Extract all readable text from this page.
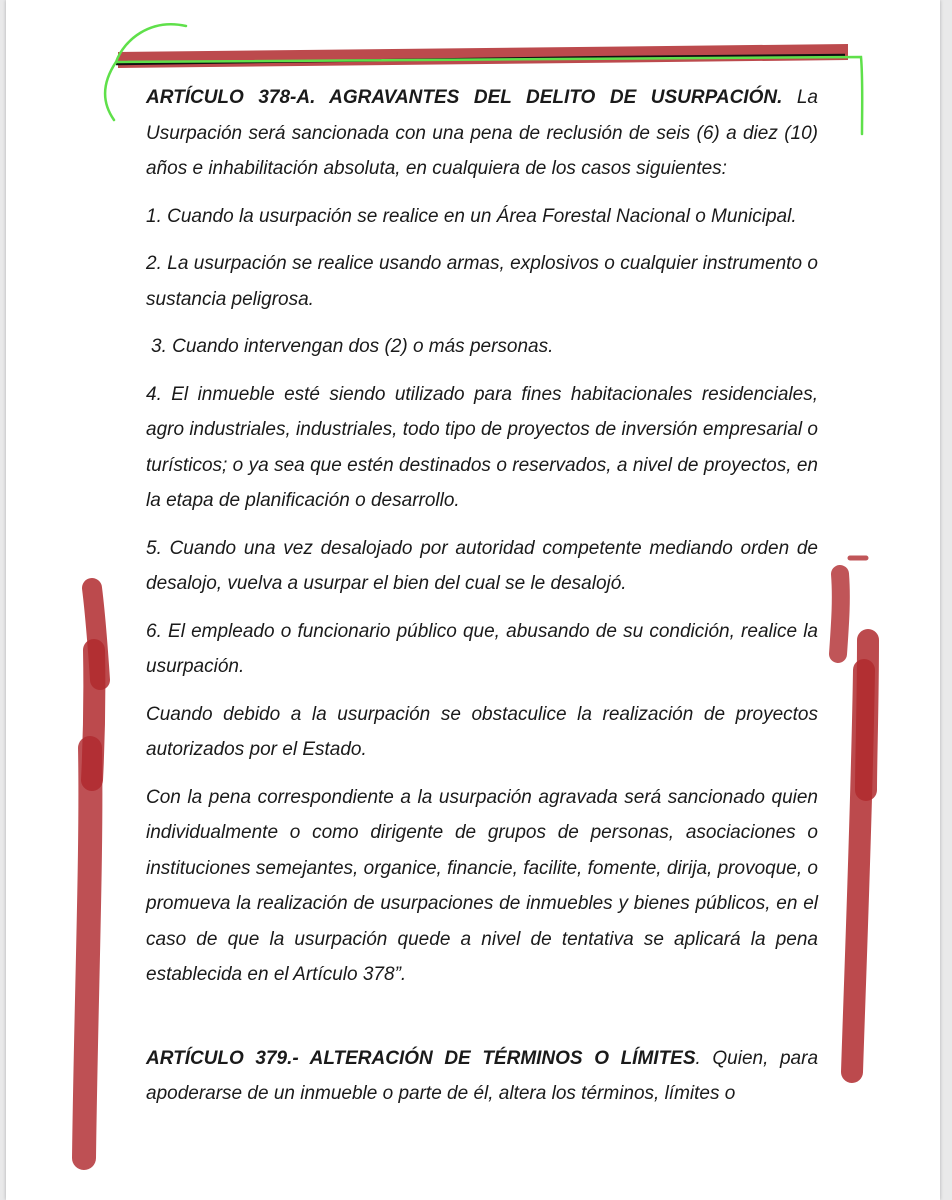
ARTÍCULO 378-A. AGRAVANTES DEL DELITO DE USURPACIÓN. La Usurpación será sancionada con una pena de reclusión de seis (6) a diez (10) años e inhabilitación absoluta, en cualquiera de los casos siguientes:

1. Cuando la usurpación se realice en un Área Forestal Nacional o Municipal.

2. La usurpación se realice usando armas, explosivos o cualquier instrumento o sustancia peligrosa.

3. Cuando intervengan dos (2) o más personas.

4. El inmueble esté siendo utilizado para fines habitacionales residenciales, agro industriales, industriales, todo tipo de proyectos de inversión empresarial o turísticos; o ya sea que estén destinados o reservados, a nivel de proyectos, en la etapa de planificación o desarrollo.

5. Cuando una vez desalojado por autoridad competente mediando orden de desalojo, vuelva a usurpar el bien del cual se le desalojó.

6. El empleado o funcionario público que, abusando de su condición, realice la usurpación.

Cuando debido a la usurpación se obstaculice la realización de proyectos autorizados por el Estado.

Con la pena correspondiente a la usurpación agravada será sancionado quien individualmente o como dirigente de grupos de personas, asociaciones o instituciones semejantes, organice, financie, facilite, fomente, dirija, provoque, o promueva la realización de usurpaciones de inmuebles y bienes públicos, en el caso de que la usurpación quede a nivel de tentativa se aplicará la pena establecida en el Artículo 378”.

ARTÍCULO 379.- ALTERACIÓN DE TÉRMINOS O LÍMITES. Quien, para apoderarse de un inmueble o parte de él, altera los términos, límites o
